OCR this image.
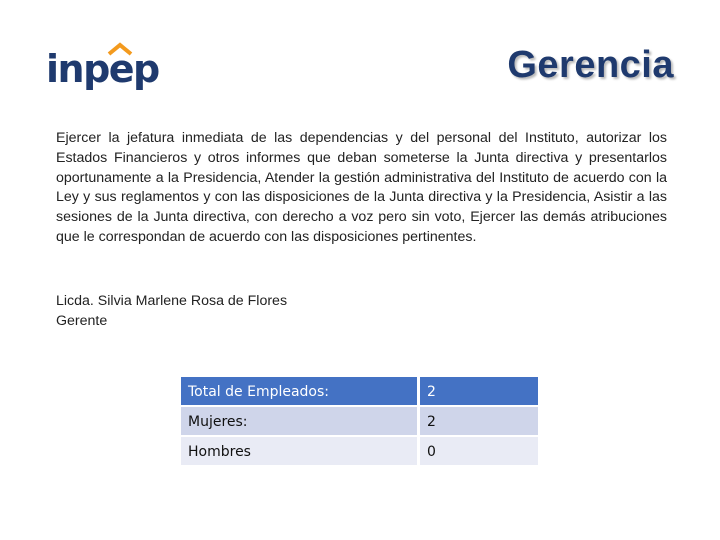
inpep	Gerencia

Ejercer la jefatura inmediata de las dependencias y del personal del Instituto, autorizar los Estados Financieros y otros informes que deban someterse la Junta directiva y presentarlos oportunamente a la Presidencia, Atender la gestión administrativa del Instituto de acuerdo con la Ley y sus reglamentos y con las disposiciones de la Junta directiva y la Presidencia, Asistir a las sesiones de la Junta directiva, con derecho a voz pero sin voto, Ejercer las demás atribuciones que le correspondan de acuerdo con las disposiciones pertinentes.

Licda. Silvia Marlene Rosa de Flores
Gerente
Total de Empleados:	2
Mujeres:	2
Hombres	0
